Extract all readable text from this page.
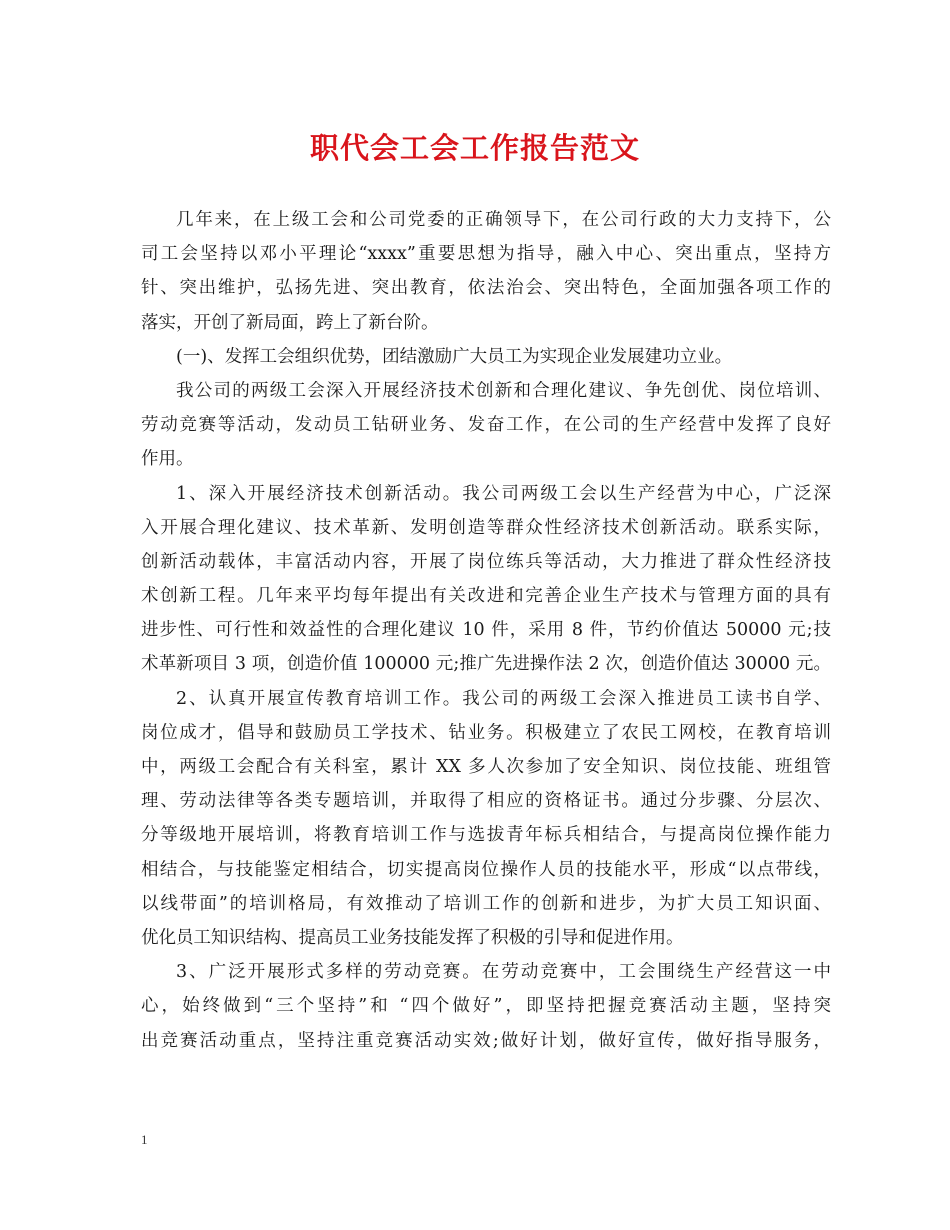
职代会工会工作报告范文
几年来，在上级工会和公司党委的正确领导下，在公司行政的大力支持下，公
司工会坚持以邓小平理论“xxxx”重要思想为指导，融入中心、突出重点，坚持方
针、突出维护，弘扬先进、突出教育，依法治会、突出特色，全面加强各项工作的
落实，开创了新局面，跨上了新台阶。
(一)、发挥工会组织优势，团结激励广大员工为实现企业发展建功立业。
我公司的两级工会深入开展经济技术创新和合理化建议、争先创优、岗位培训、
劳动竞赛等活动，发动员工钻研业务、发奋工作，在公司的生产经营中发挥了良好
作用。
1、深入开展经济技术创新活动。我公司两级工会以生产经营为中心，广泛深
入开展合理化建议、技术革新、发明创造等群众性经济技术创新活动。联系实际，
创新活动载体，丰富活动内容，开展了岗位练兵等活动，大力推进了群众性经济技
术创新工程。几年来平均每年提出有关改进和完善企业生产技术与管理方面的具有
进步性、可行性和效益性的合理化建议 10 件，采用 8 件，节约价值达 50000 元;技
术革新项目 3 项，创造价值 100000 元;推广先进操作法 2 次，创造价值达 30000 元。
2、认真开展宣传教育培训工作。我公司的两级工会深入推进员工读书自学、
岗位成才，倡导和鼓励员工学技术、钻业务。积极建立了农民工网校，在教育培训
中，两级工会配合有关科室，累计 XX 多人次参加了安全知识、岗位技能、班组管
理、劳动法律等各类专题培训，并取得了相应的资格证书。通过分步骤、分层次、
分等级地开展培训，将教育培训工作与选拔青年标兵相结合，与提高岗位操作能力
相结合，与技能鉴定相结合，切实提高岗位操作人员的技能水平，形成“以点带线，
以线带面”的培训格局，有效推动了培训工作的创新和进步，为扩大员工知识面、
优化员工知识结构、提高员工业务技能发挥了积极的引导和促进作用。
3、广泛开展形式多样的劳动竞赛。在劳动竞赛中，工会围绕生产经营这一中
心，始终做到“三个坚持”和 “四个做好”，即坚持把握竞赛活动主题，坚持突
出竞赛活动重点，坚持注重竞赛活动实效;做好计划，做好宣传，做好指导服务，
1
